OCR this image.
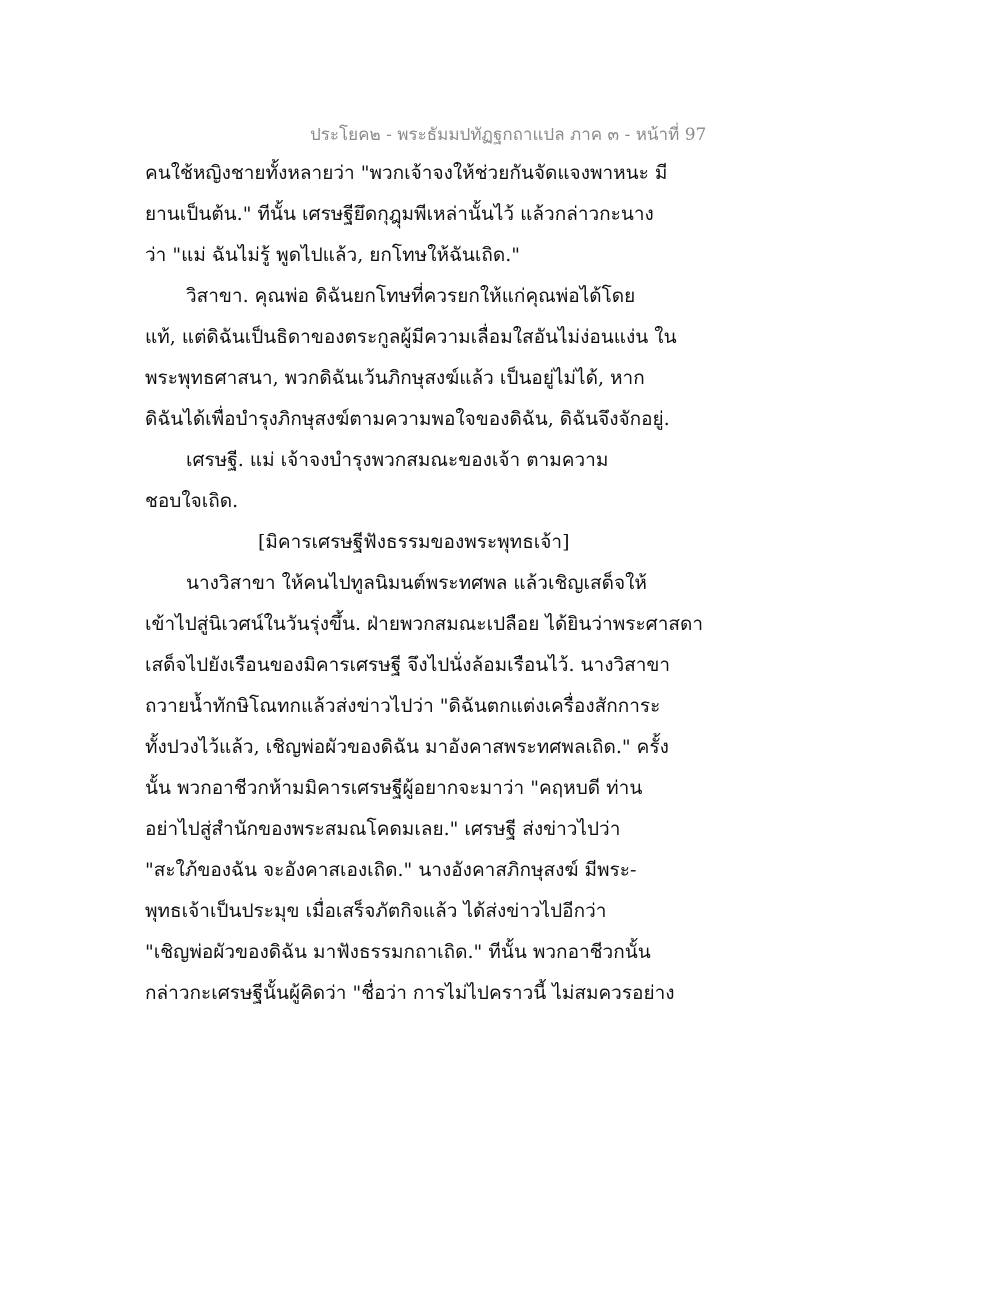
ประโยค๒ - พระธัมมปทัฏฐกถาแปล ภาค ๓ - หน้าที่ 97
คนใช้หญิงชายทั้งหลายว่า "พวกเจ้าจงให้ช่วยกันจัดแจงพาหนะ มี
ยานเป็นต้น." ทีนั้น เศรษฐียึดกุฎุมพีเหล่านั้นไว้ แล้วกล่าวกะนาง
ว่า "แม่ ฉันไม่รู้ พูดไปแล้ว, ยกโทษให้ฉันเถิด."
วิสาขา. คุณพ่อ ดิฉันยกโทษที่ควรยกให้แก่คุณพ่อได้โดย
แท้, แต่ดิฉันเป็นธิดาของตระกูลผู้มีความเลื่อมใสอันไม่ง่อนแง่น ใน
พระพุทธศาสนา, พวกดิฉันเว้นภิกษุสงฆ์แล้ว เป็นอยู่ไม่ได้, หาก
ดิฉันได้เพื่อบำรุงภิกษุสงฆ์ตามความพอใจของดิฉัน, ดิฉันจึงจักอยู่.
เศรษฐี. แม่ เจ้าจงบำรุงพวกสมณะของเจ้า ตามความ
ชอบใจเถิด.
[มิคารเศรษฐีฟังธรรมของพระพุทธเจ้า]
นางวิสาขา ให้คนไปทูลนิมนต์พระทศพล แล้วเชิญเสด็จให้
เข้าไปสู่นิเวศน์ในวันรุ่งขึ้น. ฝ่ายพวกสมณะเปลือย ได้ยินว่าพระศาสดา
เสด็จไปยังเรือนของมิคารเศรษฐี จึงไปนั่งล้อมเรือนไว้. นางวิสาขา
ถวายน้ำทักษิโณทกแล้วส่งข่าวไปว่า "ดิฉันตกแต่งเครื่องสักการะ
ทั้งปวงไว้แล้ว, เชิญพ่อผัวของดิฉัน มาอังคาสพระทศพลเถิด." ครั้ง
นั้น พวกอาชีวกห้ามมิคารเศรษฐีผู้อยากจะมาว่า "คฤหบดี ท่าน
อย่าไปสู่สำนักของพระสมณโคดมเลย." เศรษฐี ส่งข่าวไปว่า
"สะใภ้ของฉัน จะอังคาสเองเถิด." นางอังคาสภิกษุสงฆ์ มีพระ-
พุทธเจ้าเป็นประมุข เมื่อเสร็จภัตกิจแล้ว ได้ส่งข่าวไปอีกว่า
"เชิญพ่อผัวของดิฉัน มาฟังธรรมกถาเถิด." ทีนั้น พวกอาชีวกนั้น
กล่าวกะเศรษฐีนั้นผู้คิดว่า "ชื่อว่า การไม่ไปคราวนี้ ไม่สมควรอย่าง
